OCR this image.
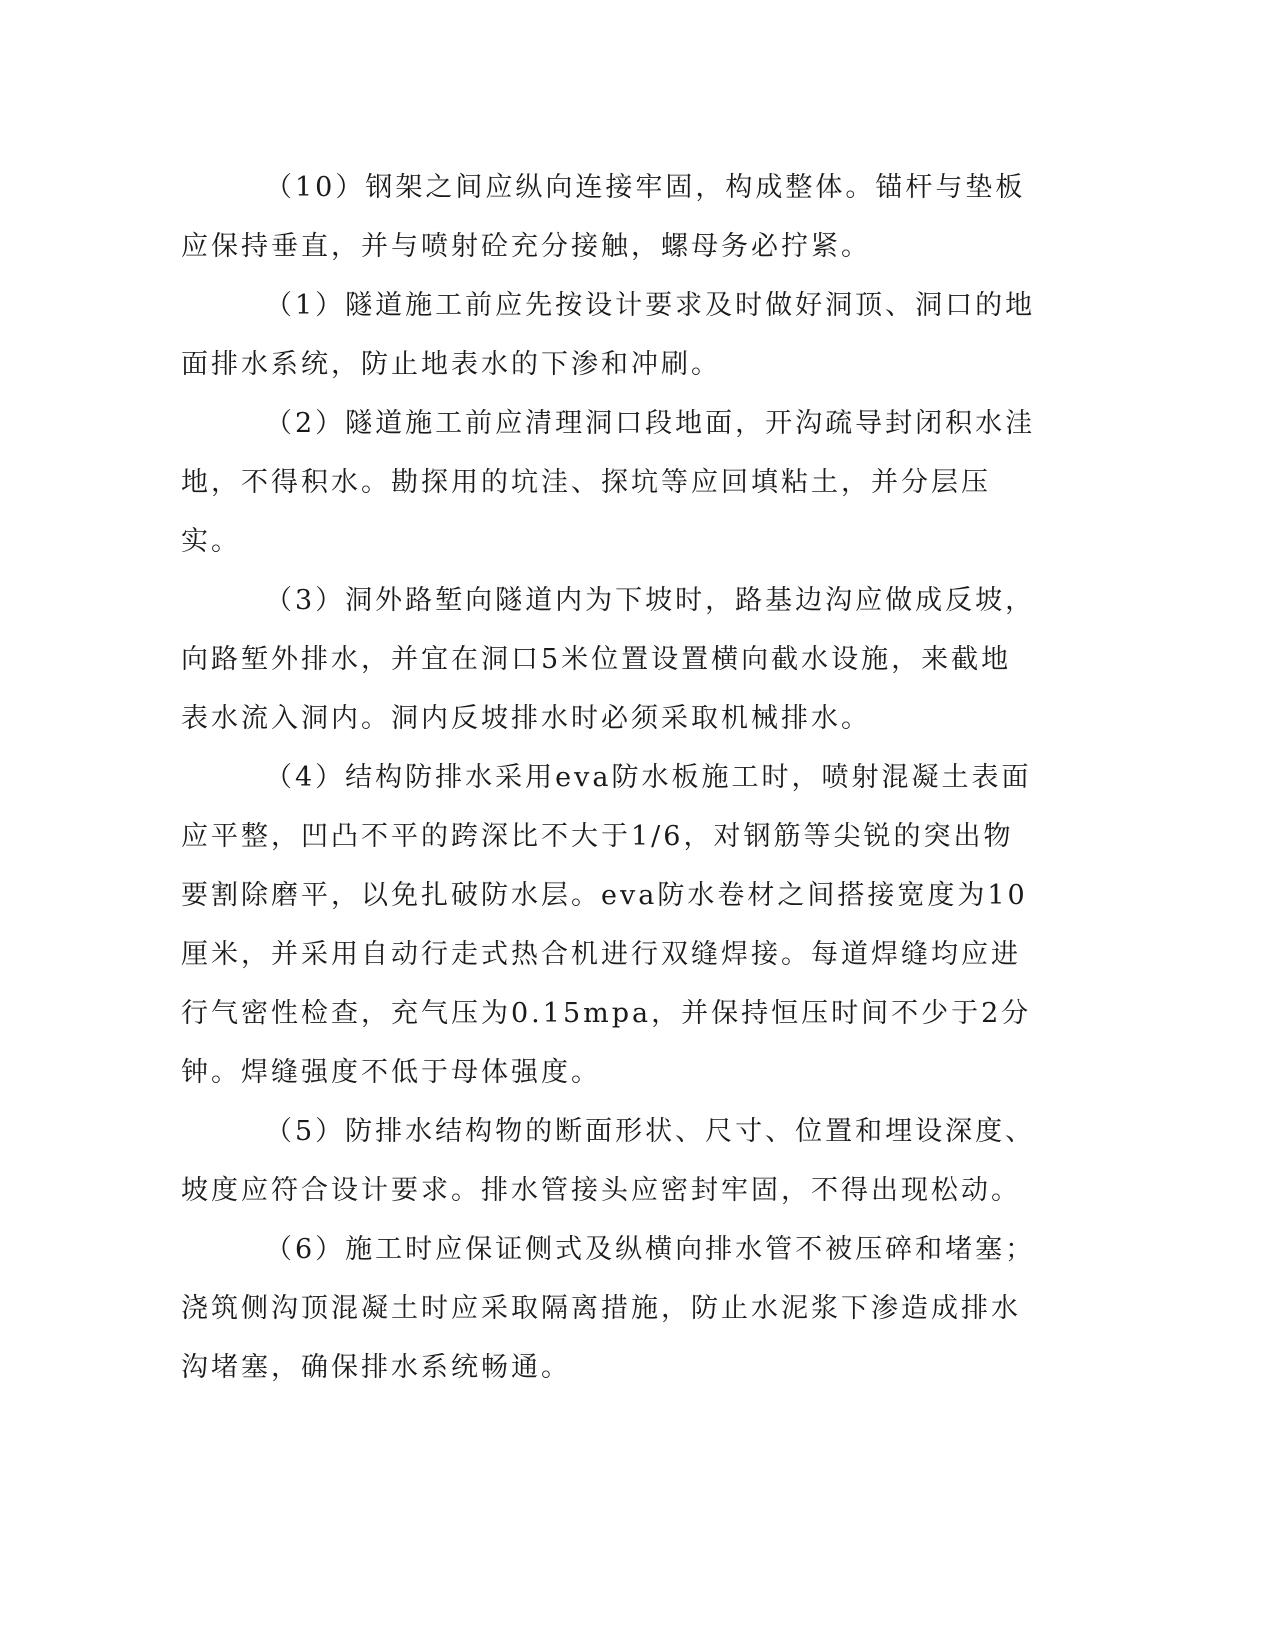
（10）钢架之间应纵向连接牢固，构成整体。锚杆与垫板应保持垂直，并与喷射砼充分接触，螺母务必拧紧。

（1）隧道施工前应先按设计要求及时做好洞顶、洞口的地面排水系统，防止地表水的下渗和冲刷。

（2）隧道施工前应清理洞口段地面，开沟疏导封闭积水洼地，不得积水。勘探用的坑洼、探坑等应回填粘土，并分层压实。

（3）洞外路堑向隧道内为下坡时，路基边沟应做成反坡，向路堑外排水，并宜在洞口5米位置设置横向截水设施，来截地表水流入洞内。洞内反坡排水时必须采取机械排水。

（4）结构防排水采用eva防水板施工时，喷射混凝土表面应平整，凹凸不平的跨深比不大于1/6，对钢筋等尖锐的突出物要割除磨平，以免扎破防水层。eva防水卷材之间搭接宽度为10厘米，并采用自动行走式热合机进行双缝焊接。每道焊缝均应进行气密性检查，充气压为0.15mpa，并保持恒压时间不少于2分钟。焊缝强度不低于母体强度。

（5）防排水结构物的断面形状、尺寸、位置和埋设深度、坡度应符合设计要求。排水管接头应密封牢固，不得出现松动。

（6）施工时应保证侧式及纵横向排水管不被压碎和堵塞；浇筑侧沟顶混凝土时应采取隔离措施，防止水泥浆下渗造成排水沟堵塞，确保排水系统畅通。
